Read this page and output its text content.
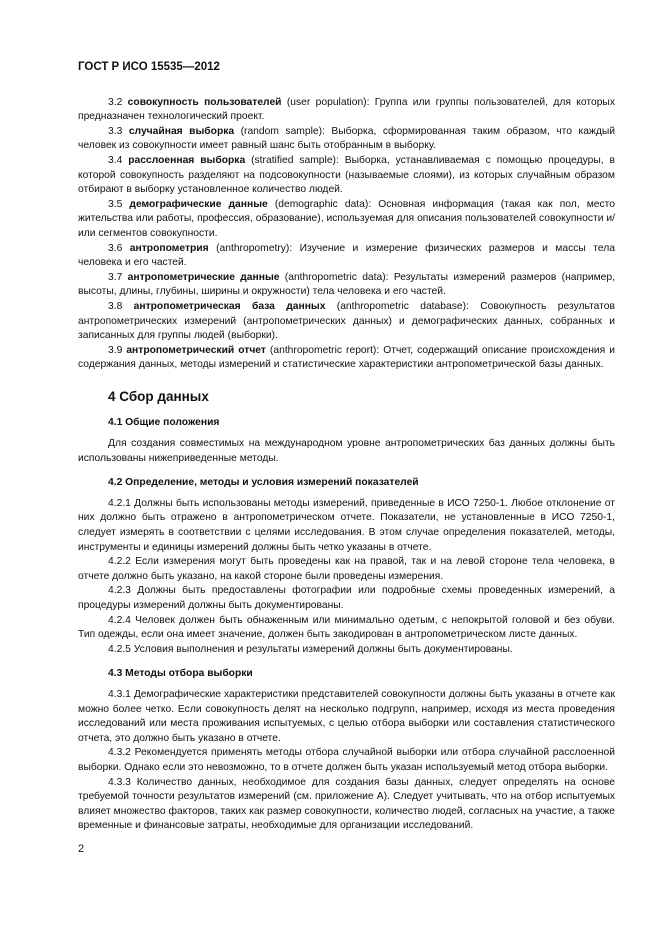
ГОСТ Р ИСО 15535—2012

3.2 совокупность пользователей (user population): Группа или группы пользователей, для которых предназначен технологический проект.

3.3 случайная выборка (random sample): Выборка, сформированная таким образом, что каждый человек из совокупности имеет равный шанс быть отобранным в выборку.

3.4 расслоенная выборка (stratified sample): Выборка, устанавливаемая с помощью процедуры, в которой совокупность разделяют на подсовокупности (называемые слоями), из которых случайным образом отбирают в выборку установленное количество людей.

3.5 демографические данные (demographic data): Основная информация (такая как пол, место жительства или работы, профессия, образование), используемая для описания пользователей совокупности и/или сегментов совокупности.

3.6 антропометрия (anthropometry): Изучение и измерение физических размеров и массы тела человека и его частей.

3.7 антропометрические данные (anthropometric data): Результаты измерений размеров (например, высоты, длины, глубины, ширины и окружности) тела человека и его частей.

3.8 антропометрическая база данных (anthropometric database): Совокупность результатов антропометрических измерений (антропометрических данных) и демографических данных, собранных и записанных для группы людей (выборки).

3.9 антропометрический отчет (anthropometric report): Отчет, содержащий описание происхождения и содержания данных, методы измерений и статистические характеристики антропометрической базы данных.

4 Сбор данных
4.1 Общие положения

Для создания совместимых на международном уровне антропометрических баз данных должны быть использованы нижеприведенные методы.

4.2 Определение, методы и условия измерений показателей

4.2.1 Должны быть использованы методы измерений, приведенные в ИСО 7250-1. Любое отклонение от них должно быть отражено в антропометрическом отчете. Показатели, не установленные в ИСО 7250-1, следует измерять в соответствии с целями исследования. В этом случае определения показателей, методы, инструменты и единицы измерений должны быть четко указаны в отчете.

4.2.2 Если измерения могут быть проведены как на правой, так и на левой стороне тела человека, в отчете должно быть указано, на какой стороне были проведены измерения.

4.2.3 Должны быть предоставлены фотографии или подробные схемы проведенных измерений, а процедуры измерений должны быть документированы.

4.2.4 Человек должен быть обнаженным или минимально одетым, с непокрытой головой и без обуви. Тип одежды, если она имеет значение, должен быть закодирован в антропометрическом листе данных.

4.2.5 Условия выполнения и результаты измерений должны быть документированы.

4.3 Методы отбора выборки

4.3.1 Демографические характеристики представителей совокупности должны быть указаны в отчете как можно более четко. Если совокупность делят на несколько подгрупп, например, исходя из места проведения исследований или места проживания испытуемых, с целью отбора выборки или составления статистического отчета, это должно быть указано в отчете.

4.3.2 Рекомендуется применять методы отбора случайной выборки или отбора случайной расслоенной выборки. Однако если это невозможно, то в отчете должен быть указан используемый метод отбора выборки.

4.3.3 Количество данных, необходимое для создания базы данных, следует определять на основе требуемой точности результатов измерений (см. приложение А). Следует учитывать, что на отбор испытуемых влияет множество факторов, таких как размер совокупности, количество людей, согласных на участие, а также временные и финансовые затраты, необходимые для организации исследований.

2
